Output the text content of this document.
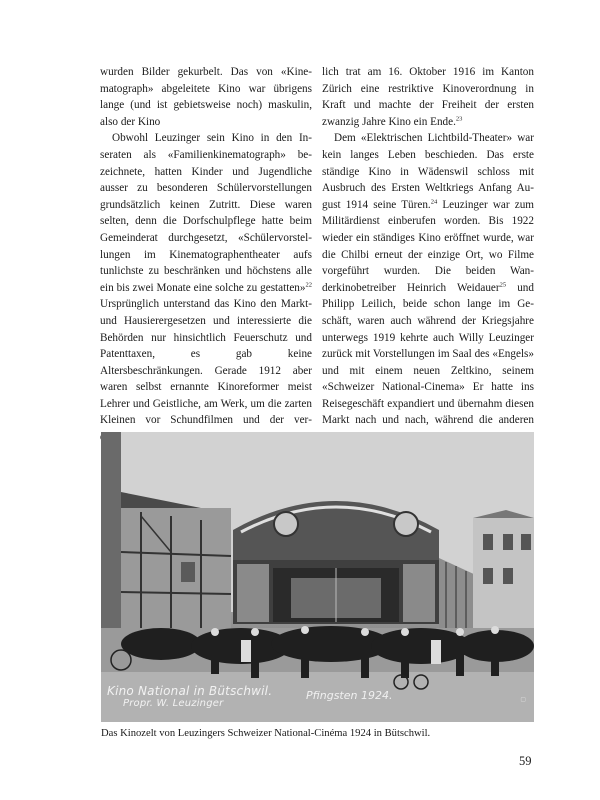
wurden Bilder gekurbelt. Das von «Kinematograph» abgeleitete Kino war übrigens lange (und ist gebietsweise noch) maskulin, also der Kino

Obwohl Leuzinger sein Kino in den Inseraten als «Familienkinematograph» bezeichnete, hatten Kinder und Jugendliche ausser zu besonderen Schülervorstellungen grundsätzlich keinen Zutritt. Diese waren selten, denn die Dorfschulpflege hatte beim Gemeinderat durchgesetzt, «Schülervorstellungen im Kinematographentheater aufs tunlichste zu beschränken und höchstens alle ein bis zwei Monate eine solche zu gestatten»$^{22}$ Ursprünglich unterstand das Kino den Markt- und Hausierergesetzen und interessierte die Behörden nur hinsichtlich Feuerschutz und Patenttaxen, es gab keine Altersbeschränkungen. Gerade 1912 aber waren selbst ernannte Kinoreformer meist Lehrer und Geistliche, am Werk, um die zarten Kleinen vor Schundfilmen und der ver

lich trat am 16. Oktober 1916 im Kanton Zürich eine restriktive Kinoverordnung in Kraft und machte der Freiheit der ersten zwanzig Jahre Kino ein Ende.$^{23}$

Dem «Elektrischen Lichtbild-Theater» war kein langes Leben beschieden. Das erste ständige Kino in Wädenswil schloss mit Ausbruch des Ersten Weltkriegs Anfang August 1914 seine Türen.$^{24}$ Leuzinger war zum Militärdienst einberufen worden. Bis 1922 wieder ein ständiges Kino eröffnet wurde, war die Chilbi erneut der einzige Ort, wo Filme vorgeführt wurden. Die beiden Wanderkinobetreiber Heinrich Weidauer$^{25}$ und Philipp Leilich, beide schon lange im Geschäft, waren auch während der Kriegsjahre unterwegs 1919 kehrte auch Willy Leuzinger zurück mit Vorstellungen im Saal des «Engels» und mit einem neuen Zeltkino, seinem «Schweizer National-Cinema» Er hatte ins Reisegeschäft expandiert und übernahm diesen Markt nach und nach, während die anderen

Kino National in Bütschwil.
Propr. W. Leuzinger
Pfingsten 1924.	▢
Das Kinozelt von Leuzingers Schweizer National-Cinéma 1924 in Bütschwil.
59
